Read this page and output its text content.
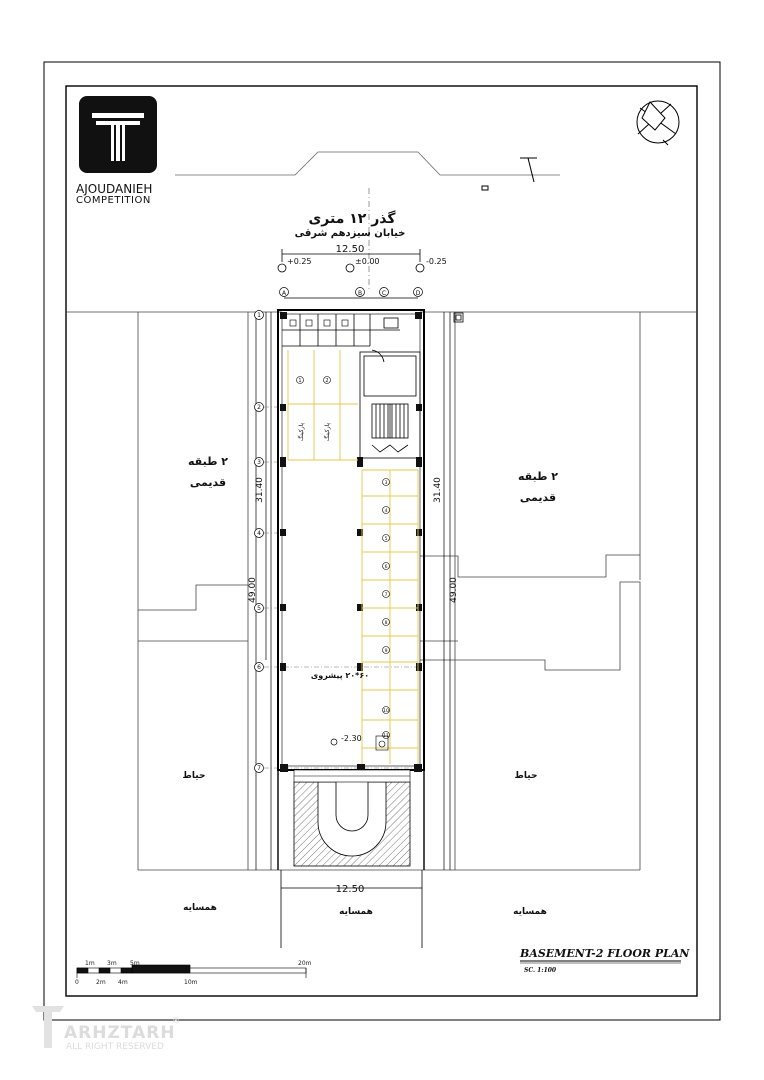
AJOUDANIEH
COMPETITION
گذر ۱۲ متری
خیابان سیزدهم شرقی
12.50
+0.25	±0.00	-0.25
31.40
49.00
31.40
49.00
A	B	C	D
1
2
3
4
5
6
7
1	2
پارکینگ	پارکینگ
3
4
5
6
7
8
9
10
11
۶۰*۲۰ پیشروی
-2.30
12.50
۲ طبقه
قدیمی	۲ طبقه
قدیمی
حیاط	حیاط
همسایه	همسایه	همسایه
BASEMENT-2 FLOOR PLAN
SC. 1:100
1m 3m 5m	20m
0	2m 4m	10m
ARHZTARH
®
ALL RIGHT RESERVED
